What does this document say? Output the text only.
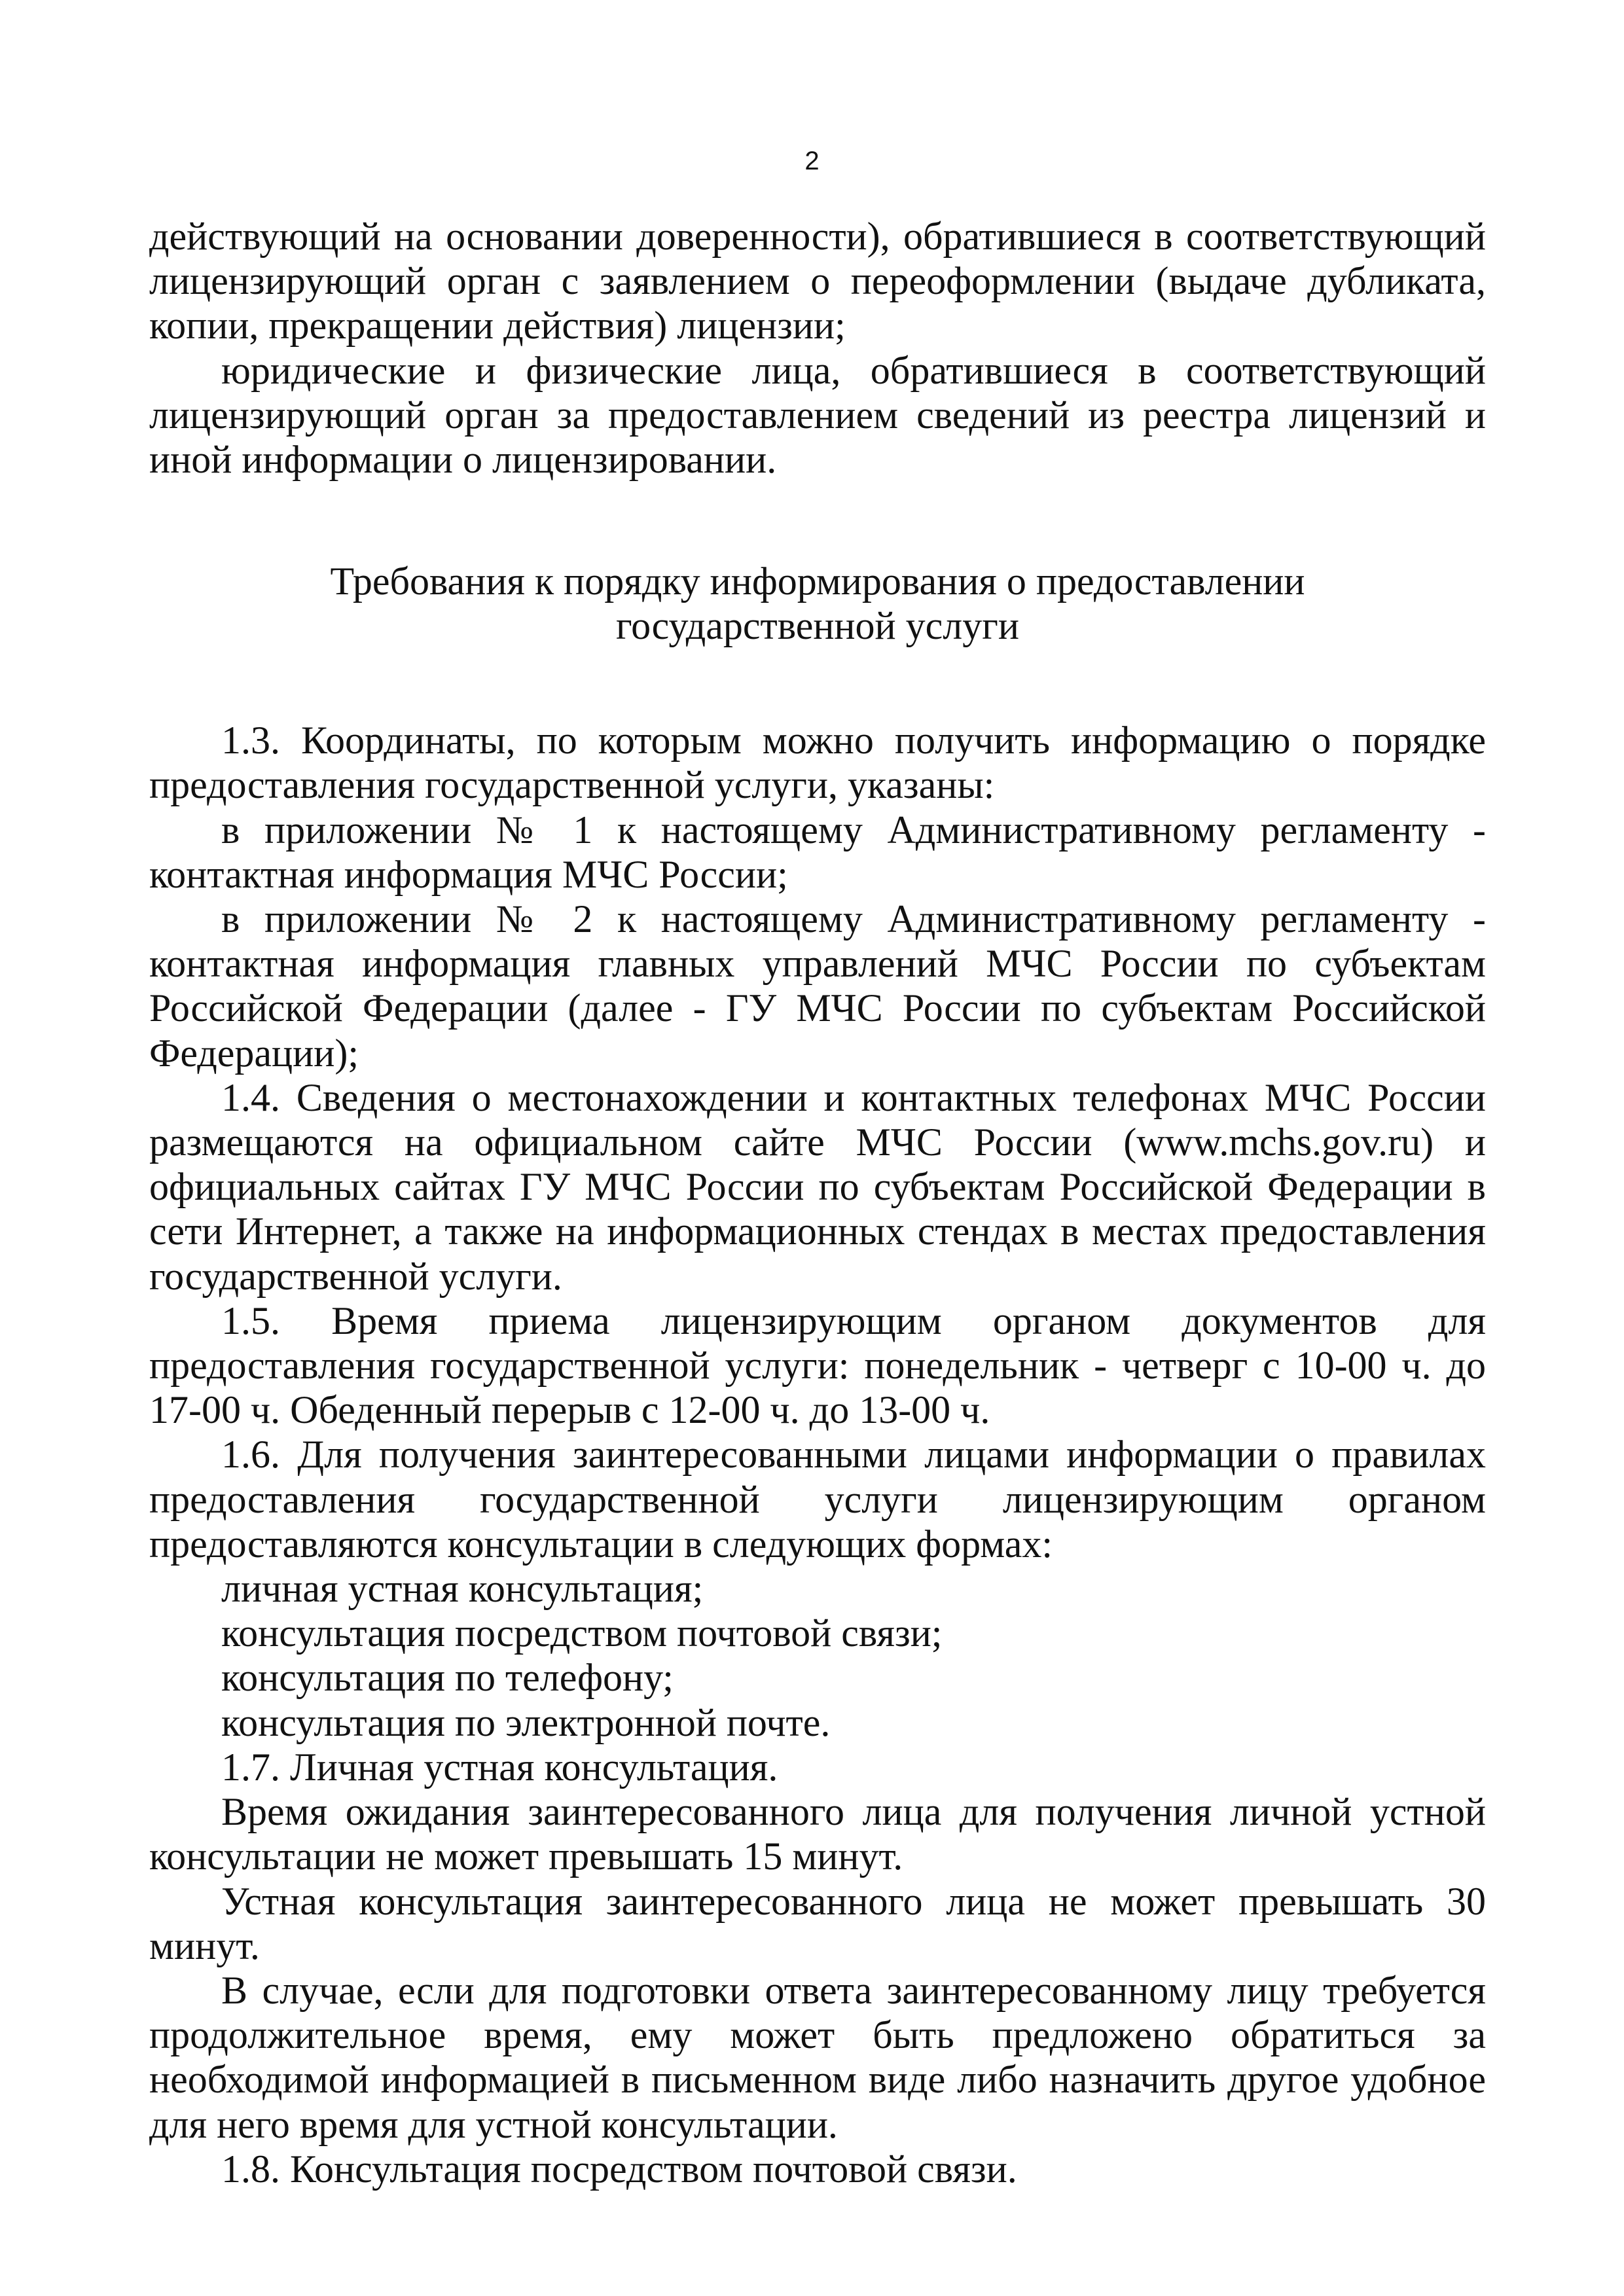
2

действующий на основании доверенности), обратившиеся в соответствующий лицензирующий орган с заявлением о переоформлении (выдаче дубликата, копии, прекращении действия) лицензии;

юридические и физические лица, обратившиеся в соответствующий лицензирующий орган за предоставлением сведений из реестра лицензий и иной информации о лицензировании.

Требования к порядку информирования о предоставлении
государственной услуги

1.3. Координаты, по которым можно получить информацию о порядке предоставления государственной услуги, указаны:

в приложении № 1 к настоящему Административному регламенту - контактная информация МЧС России;

в приложении № 2 к настоящему Административному регламенту - контактная информация главных управлений МЧС России по субъектам Российской Федерации (далее - ГУ МЧС России по субъектам Российской Федерации);

1.4. Сведения о местонахождении и контактных телефонах МЧС России размещаются на официальном сайте МЧС России (www.mchs.gov.ru) и официальных сайтах ГУ МЧС России по субъектам Российской Федерации в сети Интернет, а также на информационных стендах в местах предоставления государственной услуги.

1.5. Время приема лицензирующим органом документов для предоставления государственной услуги: понедельник - четверг с 10-00 ч. до 17-00 ч. Обеденный перерыв с 12-00 ч. до 13-00 ч.

1.6. Для получения заинтересованными лицами информации о правилах предоставления государственной услуги лицензирующим органом предоставляются консультации в следующих формах:

личная устная консультация;

консультация посредством почтовой связи;

консультация по телефону;

консультация по электронной почте.

1.7. Личная устная консультация.

Время ожидания заинтересованного лица для получения личной устной консультации не может превышать 15 минут.

Устная консультация заинтересованного лица не может превышать 30 минут.

В случае, если для подготовки ответа заинтересованному лицу требуется продолжительное время, ему может быть предложено обратиться за необходимой информацией в письменном виде либо назначить другое удобное для него время для устной консультации.

1.8. Консультация посредством почтовой связи.
